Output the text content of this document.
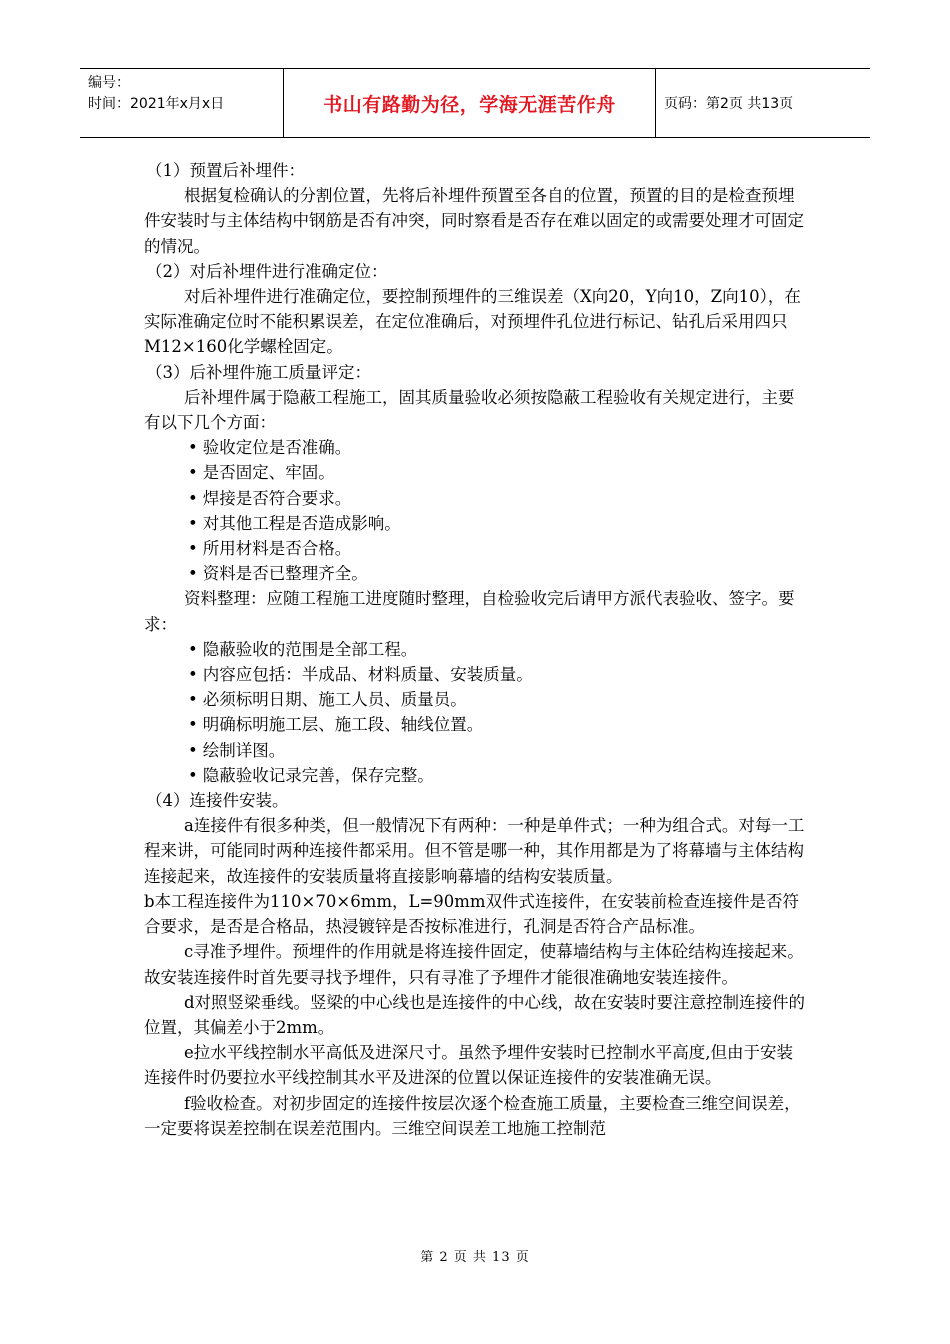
编号：
时间：2021年x月x日	书山有路勤为径，学海无涯苦作舟	页码：第2页 共13页

（1）预置后补埋件：

根据复检确认的分割位置，先将后补埋件预置至各自的位置，预置的目的是检查预埋件安装时与主体结构中钢筋是否有冲突，同时察看是否存在难以固定的或需要处理才可固定的情况。

（2）对后补埋件进行准确定位：

对后补埋件进行准确定位，要控制预埋件的三维误差（X向20，Y向10，Z向10），在实际准确定位时不能积累误差，在定位准确后，对预埋件孔位进行标记、钻孔后采用四只M12×160化学螺栓固定。

（3）后补埋件施工质量评定：

后补埋件属于隐蔽工程施工，固其质量验收必须按隐蔽工程验收有关规定进行，主要有以下几个方面：

• 验收定位是否准确。

• 是否固定、牢固。

• 焊接是否符合要求。

• 对其他工程是否造成影响。

• 所用材料是否合格。

• 资料是否已整理齐全。

资料整理：应随工程施工进度随时整理，自检验收完后请甲方派代表验收、签字。要求：

• 隐蔽验收的范围是全部工程。

• 内容应包括：半成品、材料质量、安装质量。

• 必须标明日期、施工人员、质量员。

• 明确标明施工层、施工段、轴线位置。

• 绘制详图。

• 隐蔽验收记录完善，保存完整。

（4）连接件安装。

a连接件有很多种类，但一般情况下有两种：一种是单件式；一种为组合式。对每一工程来讲，可能同时两种连接件都采用。但不管是哪一种，其作用都是为了将幕墙与主体结构连接起来，故连接件的安装质量将直接影响幕墙的结构安装质量。

b本工程连接件为110×70×6mm，L=90mm双件式连接件，在安装前检查连接件是否符合要求，是否是合格品，热浸镀锌是否按标准进行，孔洞是否符合产品标准。

c寻准予埋件。预埋件的作用就是将连接件固定，使幕墙结构与主体砼结构连接起来。故安装连接件时首先要寻找予埋件，只有寻准了予埋件才能很准确地安装连接件。

d对照竖梁垂线。竖梁的中心线也是连接件的中心线，故在安装时要注意控制连接件的位置，其偏差小于2mm。

e拉水平线控制水平高低及进深尺寸。虽然予埋件安装时已控制水平高度,但由于安装连接件时仍要拉水平线控制其水平及进深的位置以保证连接件的安装准确无误。

f验收检查。对初步固定的连接件按层次逐个检查施工质量，主要检查三维空间误差，一定要将误差控制在误差范围内。三维空间误差工地施工控制范

第 2 页 共 13 页
